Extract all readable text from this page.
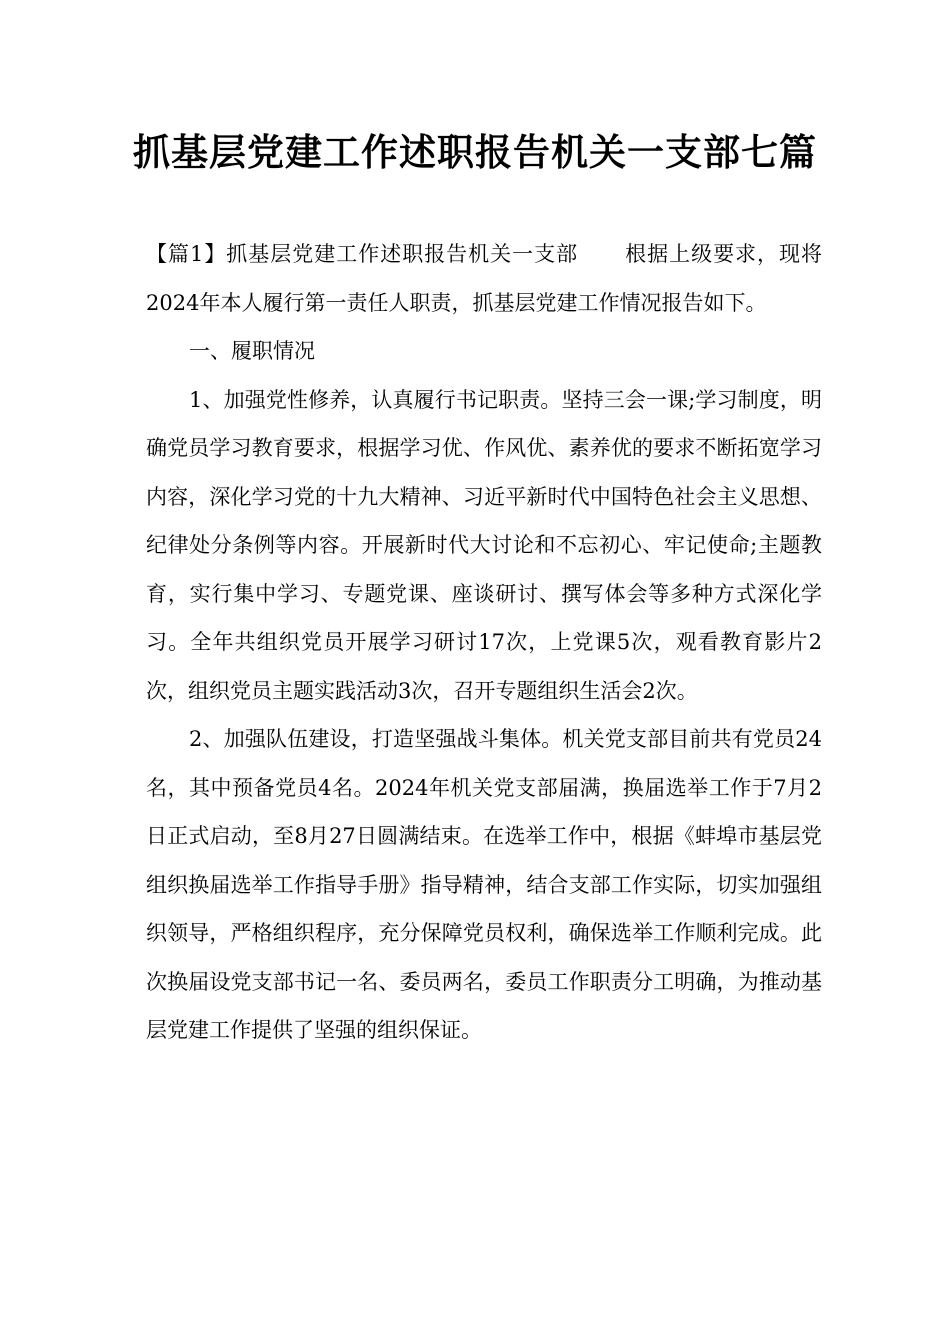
抓基层党建工作述职报告机关一支部七篇

【篇1】抓基层党建工作述职报告机关一支部 根据上级要求，现将2024年本人履行第一责任人职责，抓基层党建工作情况报告如下。

一、履职情况

1、加强党性修养，认真履行书记职责。坚持三会一课;学习制度，明确党员学习教育要求，根据学习优、作风优、素养优的要求不断拓宽学习内容，深化学习党的十九大精神、习近平新时代中国特色社会主义思想、纪律处分条例等内容。开展新时代大讨论和不忘初心、牢记使命;主题教育，实行集中学习、专题党课、座谈研讨、撰写体会等多种方式深化学习。全年共组织党员开展学习研讨17次，上党课5次，观看教育影片2次，组织党员主题实践活动3次，召开专题组织生活会2次。

2、加强队伍建设，打造坚强战斗集体。机关党支部目前共有党员24名，其中预备党员4名。2024年机关党支部届满，换届选举工作于7月2日正式启动，至8月27日圆满结束。在选举工作中，根据《蚌埠市基层党组织换届选举工作指导手册》指导精神，结合支部工作实际，切实加强组织领导，严格组织程序，充分保障党员权利，确保选举工作顺利完成。此次换届设党支部书记一名、委员两名，委员工作职责分工明确，为推动基层党建工作提供了坚强的组织保证。
